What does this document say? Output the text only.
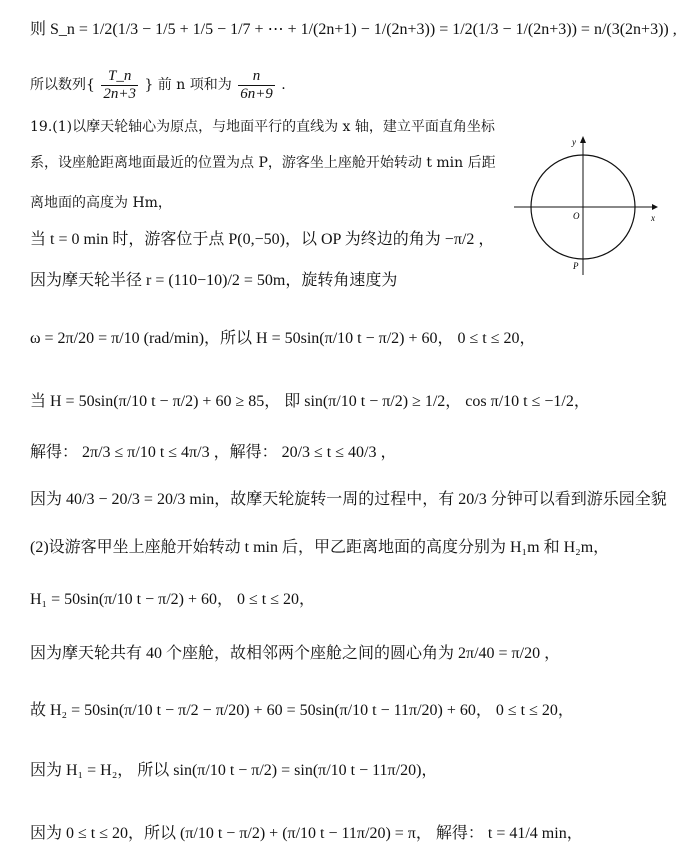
则 S_n = 1/2(1/3 − 1/5 + 1/5 − 1/7 + ⋯ + 1/(2n+1) − 1/(2n+3)) = 1/2(1/3 − 1/(2n+3)) = n/(3(2n+3)) ,
所以数列{ $\frac{T\_n}{2n+3}$ } 前 n 项和为 $\frac{n}{6n+9}$ .
19.(1)以摩天轮轴心为原点，与地面平行的直线为 x 轴，建立平面直角坐标
系，设座舱距离地面最近的位置为点 P，游客坐上座舱开始转动 t min 后距
离地面的高度为 Hm，
当 t = 0 min 时，游客位于点 P(0,−50)，以 OP 为终边的角为 −π/2 ，
因为摩天轮半径 r = (110−10)/2 = 50m，旋转角速度为
ω = 2π/20 = π/10 (rad/min)，所以 H = 50sin(π/10 t − π/2) + 60， 0 ≤ t ≤ 20，
当 H = 50sin(π/10 t − π/2) + 60 ≥ 85， 即 sin(π/10 t − π/2) ≥ 1/2， cos π/10 t ≤ −1/2，
解得： 2π/3 ≤ π/10 t ≤ 4π/3 ，解得： 20/3 ≤ t ≤ 40/3 ，
因为 40/3 − 20/3 = 20/3 min，故摩天轮旋转一周的过程中，有 20/3 分钟可以看到游乐园全貌
(2)设游客甲坐上座舱开始转动 t min 后，甲乙距离地面的高度分别为 H₁m 和 H₂m，
H₁ = 50sin(π/10 t − π/2) + 60， 0 ≤ t ≤ 20，
因为摩天轮共有 40 个座舱，故相邻两个座舱之间的圆心角为 2π/40 = π/20 ，
故 H₂ = 50sin(π/10 t − π/2 − π/20) + 60 = 50sin(π/10 t − 11π/20) + 60， 0 ≤ t ≤ 20，
因为 H₁ = H₂， 所以 sin(π/10 t − π/2) = sin(π/10 t − 11π/20)，
因为 0 ≤ t ≤ 20，所以 (π/10 t − π/2) + (π/10 t − 11π/20) = π， 解得： t = 41/4 min，
x
y
O
P
